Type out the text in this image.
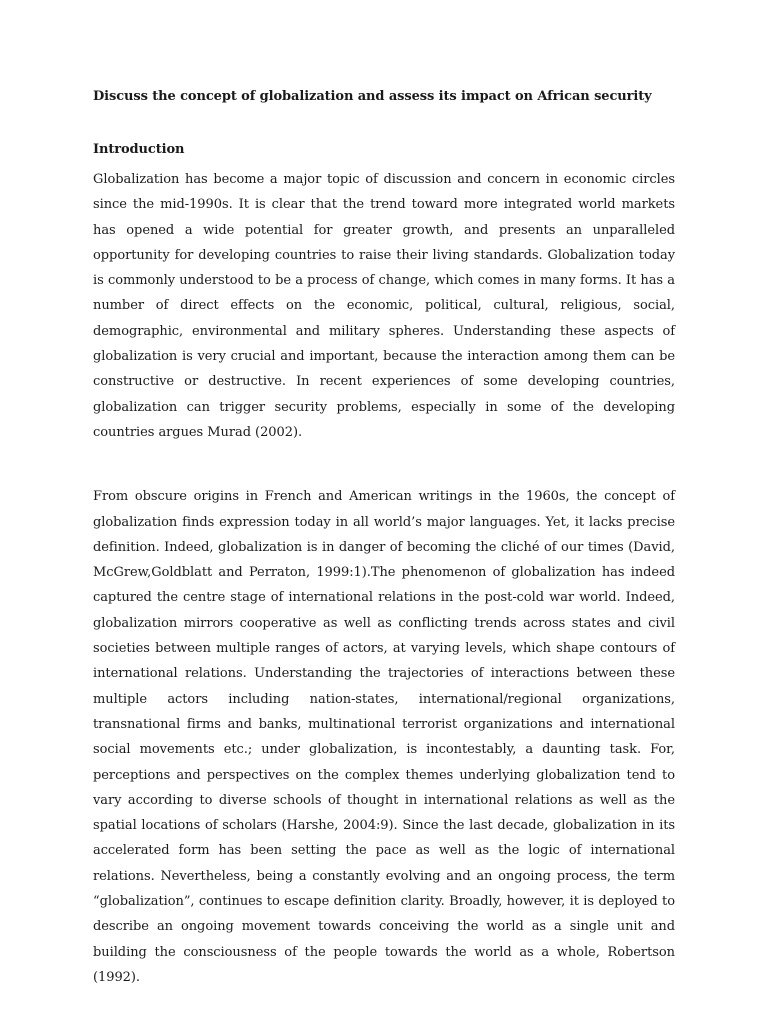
Discuss the concept of globalization and assess its impact on African security
Introduction

Globalization has become a major topic of discussion and concern in economic circles since the mid-1990s. It is clear that the trend toward more integrated world markets has opened a wide potential for greater growth, and presents an unparalleled opportunity for developing countries to raise their living standards. Globalization today is commonly understood to be a process of change, which comes in many forms. It has a number of direct effects on the economic, political, cultural, religious, social, demographic, environmental and military spheres. Understanding these aspects of globalization is very crucial and important, because the interaction among them can be constructive or destructive. In recent experiences of some developing countries, globalization can trigger security problems, especially in some of the developing countries argues Murad (2002).

From obscure origins in French and American writings in the 1960s, the concept of globalization finds expression today in all world’s major languages. Yet, it lacks precise definition. Indeed, globalization is in danger of becoming the cliché of our times (David, McGrew,Goldblatt and Perraton, 1999:1).The phenomenon of globalization has indeed captured the centre stage of international relations in the post-cold war world. Indeed, globalization mirrors cooperative as well as conflicting trends across states and civil societies between multiple ranges of actors, at varying levels, which shape contours of international relations. Understanding the trajectories of interactions between these multiple actors including nation-states, international/regional organizations, transnational firms and banks, multinational terrorist organizations and international social movements etc.; under globalization, is incontestably, a daunting task. For, perceptions and perspectives on the complex themes underlying globalization tend to vary according to diverse schools of thought in international relations as well as the spatial locations of scholars (Harshe, 2004:9). Since the last decade, globalization in its accelerated form has been setting the pace as well as the logic of international relations. Nevertheless, being a constantly evolving and an ongoing process, the term “globalization”, continues to escape definition clarity. Broadly, however, it is deployed to describe an ongoing movement towards conceiving the world as a single unit and building the consciousness of the people towards the world as a whole, Robertson (1992).
